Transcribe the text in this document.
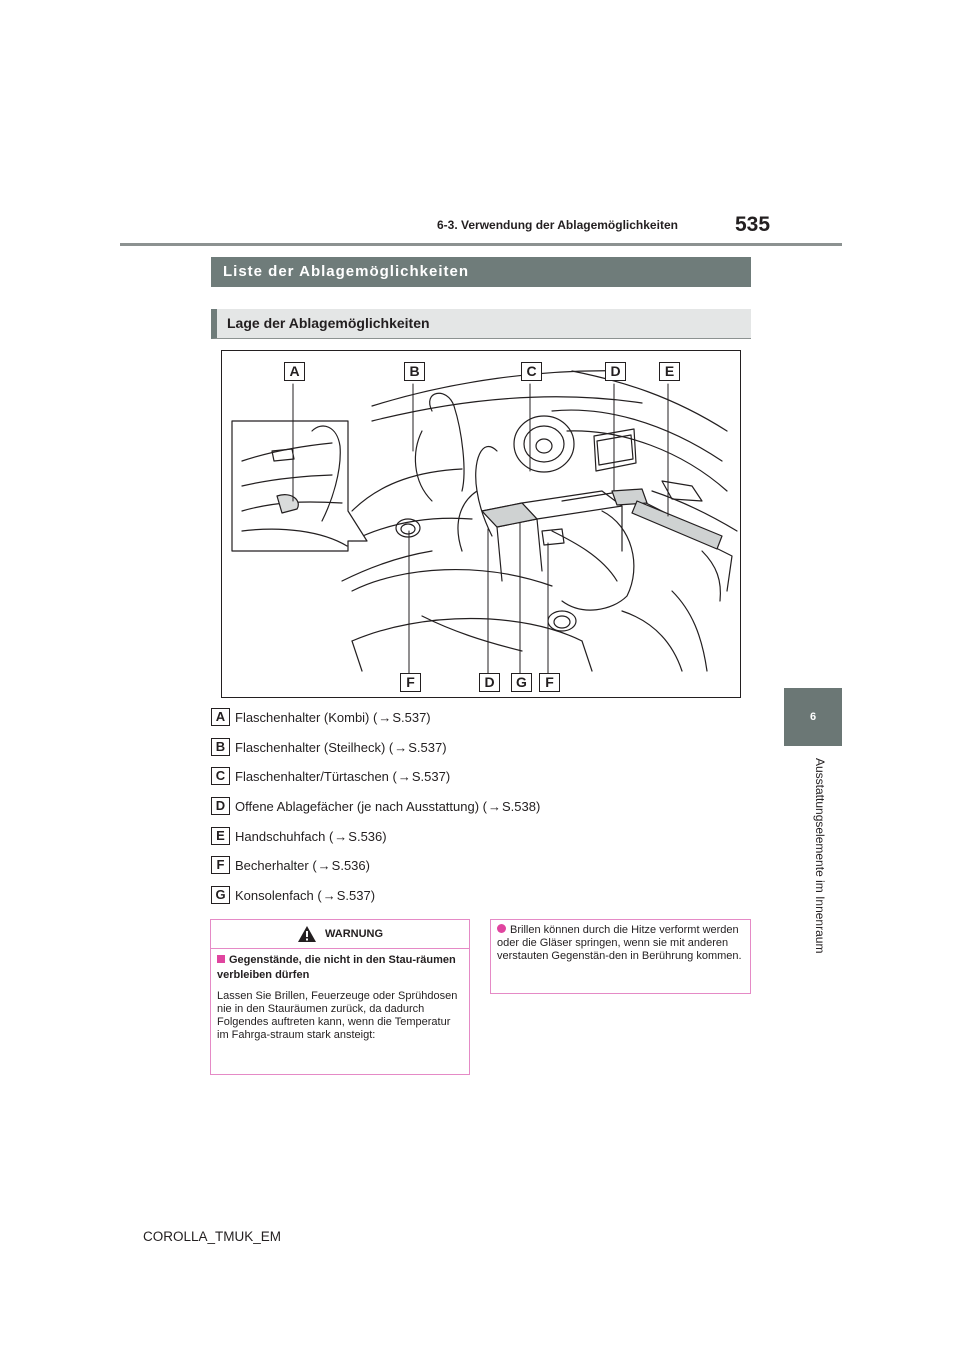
6-3. Verwendung der Ablagemöglichkeiten	535
6
Ausstattungselemente im Innenraum
Liste der Ablagemöglichkeiten
Lage der Ablagemöglichkeiten
A	B	C	D	E
F	D	G	F
A Flaschenhalter (Kombi) ( → S.537)
B Flaschenhalter (Steilheck) ( → S.537)
C Flaschenhalter/Türtaschen ( → S.537)
D Offene Ablagefächer (je nach Ausstattung) ( → S.538)
E Handschuhfach ( → S.536)
F Becherhalter ( → S.536)
G Konsolenfach ( → S.537)
WARNUNG
Gegenstände, die nicht in den Stau-räumen verbleiben dürfen
Lassen Sie Brillen, Feuerzeuge oder Sprühdosen nie in den Stauräumen zurück, da dadurch Folgendes auftreten kann, wenn die Temperatur im Fahrga-straum stark ansteigt:
Brillen können durch die Hitze verformt werden oder die Gläser springen, wenn sie mit anderen verstauten Gegenstän-den in Berührung kommen.
COROLLA_TMUK_EM
